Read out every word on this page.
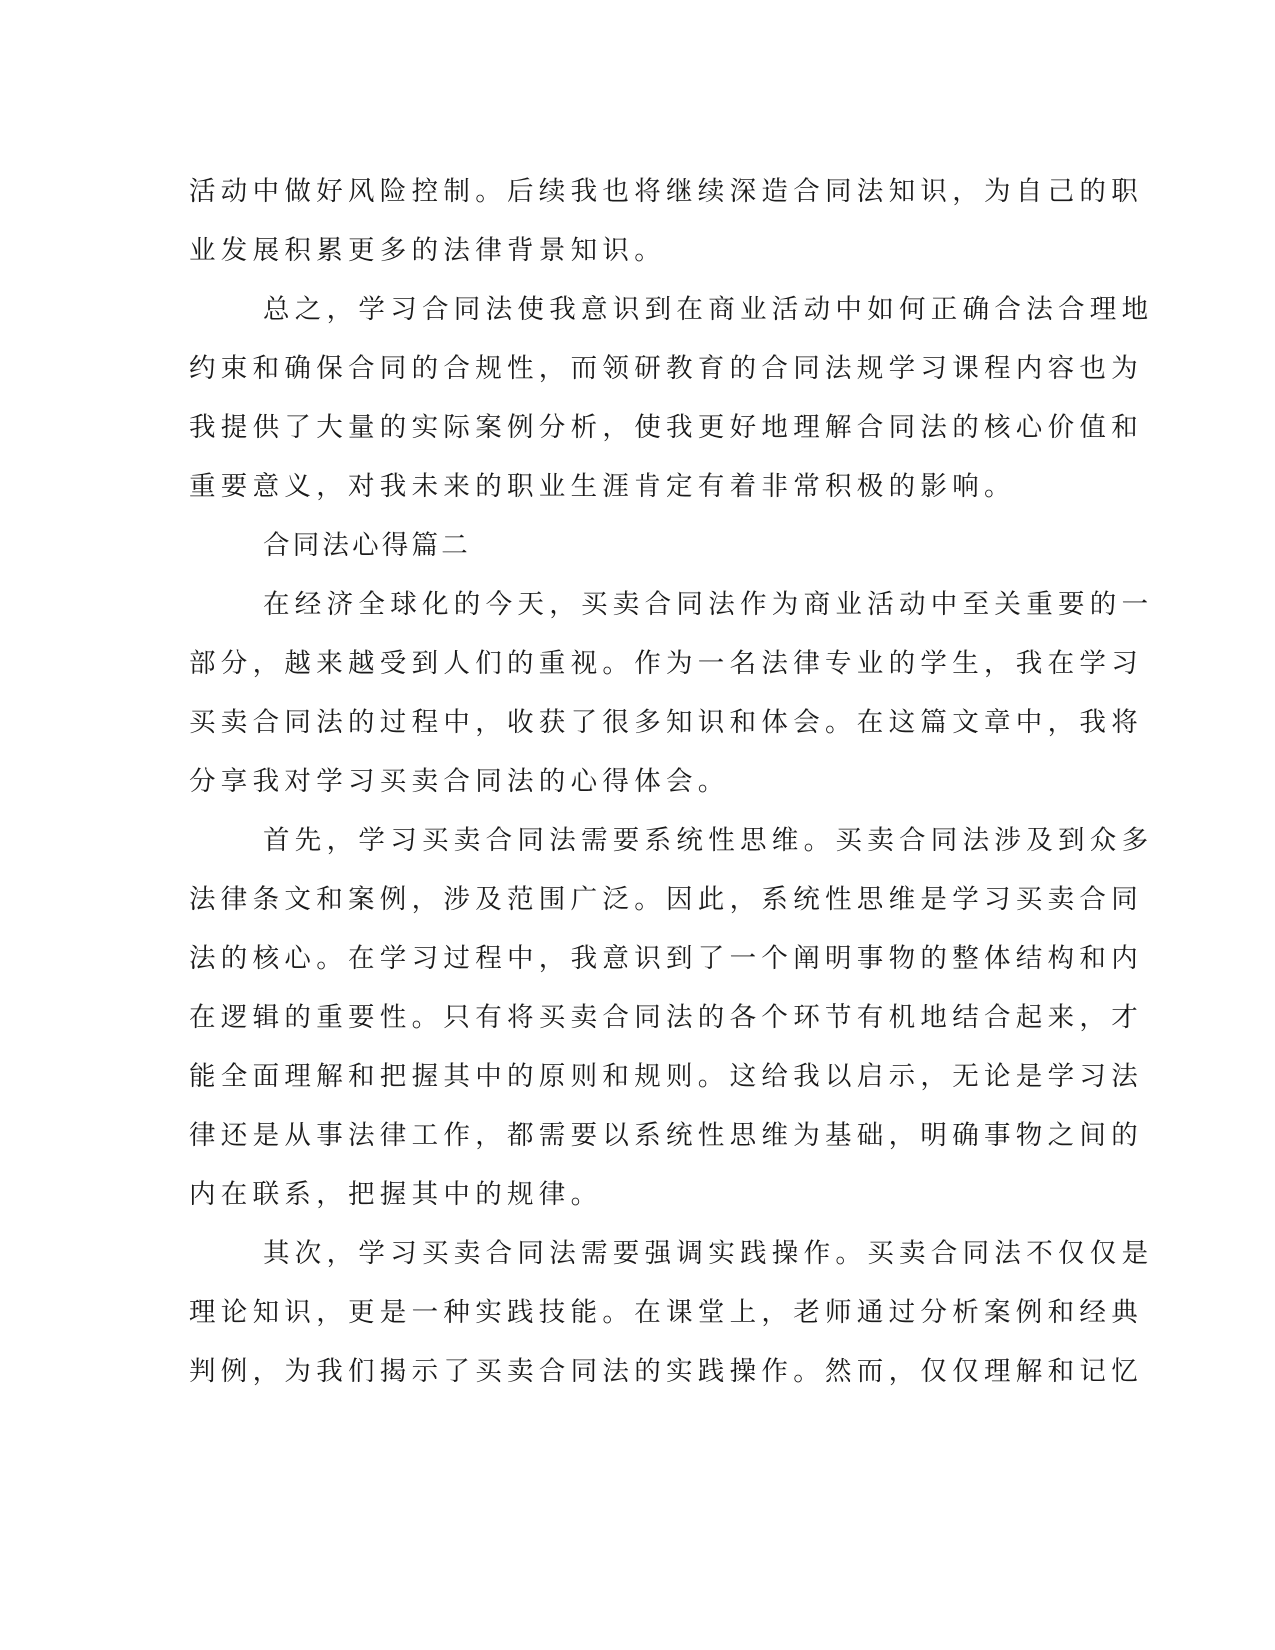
活动中做好风险控制。后续我也将继续深造合同法知识，为自己的职
业发展积累更多的法律背景知识。
总之，学习合同法使我意识到在商业活动中如何正确合法合理地
约束和确保合同的合规性，而领研教育的合同法规学习课程内容也为
我提供了大量的实际案例分析，使我更好地理解合同法的核心价值和
重要意义，对我未来的职业生涯肯定有着非常积极的影响。
合同法心得篇二
在经济全球化的今天，买卖合同法作为商业活动中至关重要的一
部分，越来越受到人们的重视。作为一名法律专业的学生，我在学习
买卖合同法的过程中，收获了很多知识和体会。在这篇文章中，我将
分享我对学习买卖合同法的心得体会。
首先，学习买卖合同法需要系统性思维。买卖合同法涉及到众多
法律条文和案例，涉及范围广泛。因此，系统性思维是学习买卖合同
法的核心。在学习过程中，我意识到了一个阐明事物的整体结构和内
在逻辑的重要性。只有将买卖合同法的各个环节有机地结合起来，才
能全面理解和把握其中的原则和规则。这给我以启示，无论是学习法
律还是从事法律工作，都需要以系统性思维为基础，明确事物之间的
内在联系，把握其中的规律。
其次，学习买卖合同法需要强调实践操作。买卖合同法不仅仅是
理论知识，更是一种实践技能。在课堂上，老师通过分析案例和经典
判例，为我们揭示了买卖合同法的实践操作。然而，仅仅理解和记忆
